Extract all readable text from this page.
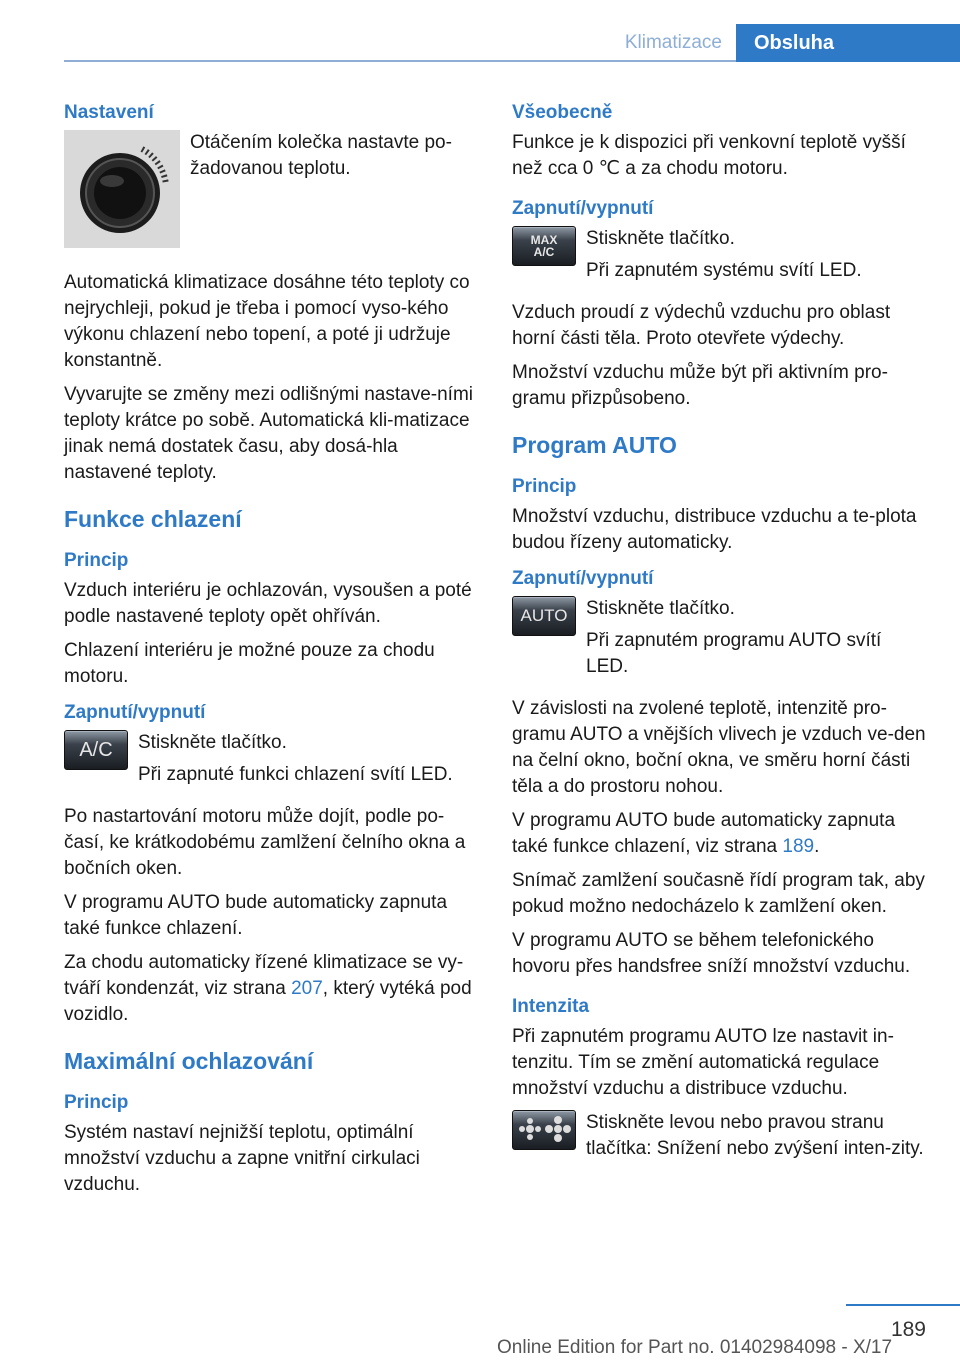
Klimatizace	Obsluha
Nastavení
Otáčením kolečka nastavte po‐žadovanou teplotu.
Automatická klimatizace dosáhne této teploty co nejrychleji, pokud je třeba i pomocí vyso‐kého výkonu chlazení nebo topení, a poté ji udržuje konstantně.
Vyvarujte se změny mezi odlišnými nastave‐ními teploty krátce po sobě. Automatická kli‐matizace jinak nemá dostatek času, aby dosá‐hla nastavené teploty.
Funkce chlazení
Princip
Vzduch interiéru je ochlazován, vysoušen a poté podle nastavené teploty opět ohříván.
Chlazení interiéru je možné pouze za chodu motoru.
Zapnutí/vypnutí
A/C	Stiskněte tlačítko.
Při zapnuté funkci chlazení svítí LED.
Po nastartování motoru může dojít, podle po‐časí, ke krátkodobému zamlžení čelního okna a bočních oken.
V programu AUTO bude automaticky zapnuta také funkce chlazení.
Za chodu automaticky řízené klimatizace se vy‐tváří kondenzát, viz strana 207, který vytéká pod vozidlo.
Maximální ochlazování
Princip
Systém nastaví nejnižší teplotu, optimální množství vzduchu a zapne vnitřní cirkulaci vzduchu.
Všeobecně
Funkce je k dispozici při venkovní teplotě vyšší než cca 0 ℃ a za chodu motoru.
Zapnutí/vypnutí
MAX
A/C
Stiskněte tlačítko.
Při zapnutém systému svítí LED.
Vzduch proudí z výdechů vzduchu pro oblast horní části těla. Proto otevřete výdechy.
Množství vzduchu může být při aktivním pro‐gramu přizpůsobeno.
Program AUTO
Princip
Množství vzduchu, distribuce vzduchu a te‐plota budou řízeny automaticky.
Zapnutí/vypnutí
AUTO Stiskněte tlačítko.
Při zapnutém programu AUTO svítí LED.
V závislosti na zvolené teplotě, intenzitě pro‐gramu AUTO a vnějších vlivech je vzduch ve‐den na čelní okno, boční okna, ve směru horní části těla a do prostoru nohou.
V programu AUTO bude automaticky zapnuta také funkce chlazení, viz strana 189.
Snímač zamlžení současně řídí program tak, aby pokud možno nedocházelo k zamlžení oken.
V programu AUTO se během telefonického hovoru přes handsfree sníží množství vzduchu.
Intenzita
Při zapnutém programu AUTO lze nastavit in‐tenzitu. Tím se změní automatická regulace množství vzduchu a distribuce vzduchu.
Stiskněte levou nebo pravou stranu tlačítka: Snížení nebo zvýšení inten‐zity.
189
Online Edition for Part no. 01402984098 - X/17
